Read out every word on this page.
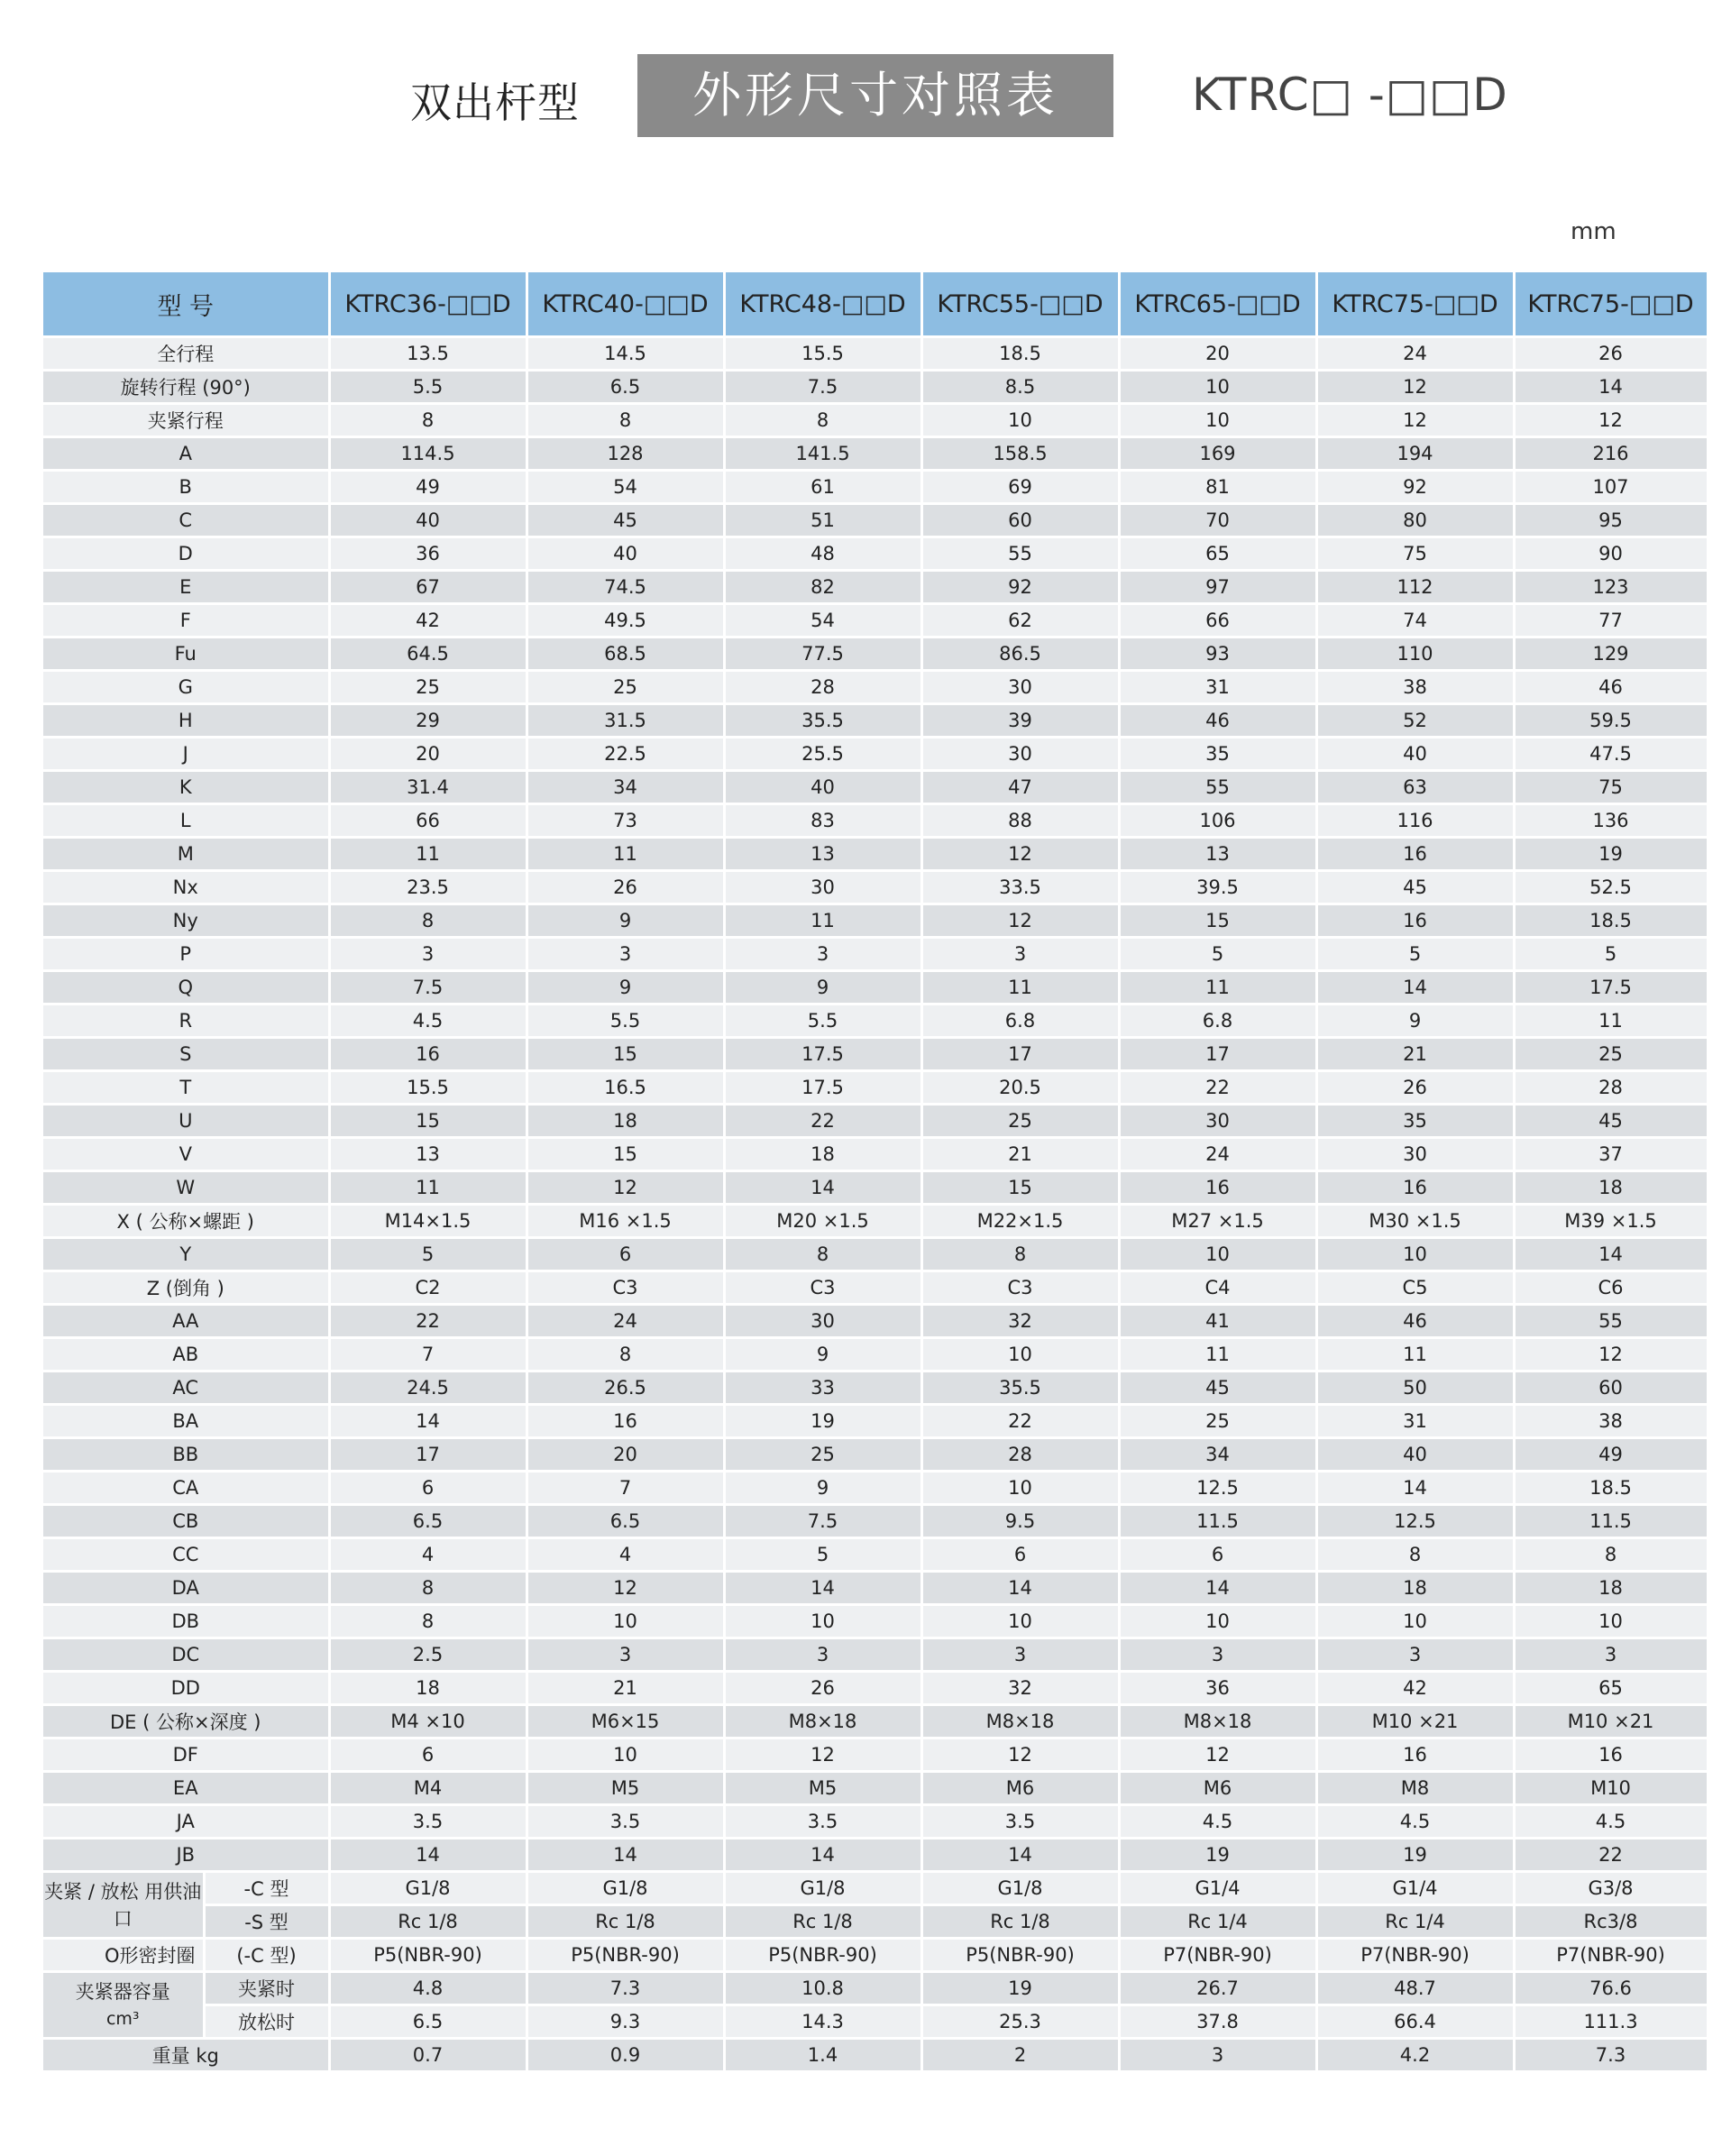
双出杆型	外形尺寸对照表	KTRC□ -□□D
mm
型 号		KTRC36-□□D	KTRC40-□□D	KTRC48-□□D	KTRC55-□□D	KTRC65-□□D	KTRC75-□□D	KTRC75-□□D
全行程		13.5	14.5	15.5	18.5	20	24	26
旋转行程 (90°)		5.5	6.5	7.5	8.5	10	12	14
夹紧行程		8	8	8	10	10	12	12
A		114.5	128	141.5	158.5	169	194	216
B		49	54	61	69	81	92	107
C		40	45	51	60	70	80	95
D		36	40	48	55	65	75	90
E		67	74.5	82	92	97	112	123
F		42	49.5	54	62	66	74	77
Fu		64.5	68.5	77.5	86.5	93	110	129
G		25	25	28	30	31	38	46
H		29	31.5	35.5	39	46	52	59.5
J		20	22.5	25.5	30	35	40	47.5
K		31.4	34	40	47	55	63	75
L		66	73	83	88	106	116	136
M		11	11	13	12	13	16	19
Nx		23.5	26	30	33.5	39.5	45	52.5
Ny		8	9	11	12	15	16	18.5
P		3	3	3	3	5	5	5
Q		7.5	9	9	11	11	14	17.5
R		4.5	5.5	5.5	6.8	6.8	9	11
S		16	15	17.5	17	17	21	25
T		15.5	16.5	17.5	20.5	22	26	28
U		15	18	22	25	30	35	45
V		13	15	18	21	24	30	37
W		11	12	14	15	16	16	18
X ( 公称×螺距 )		M14×1.5	M16 ×1.5	M20 ×1.5	M22×1.5	M27 ×1.5	M30 ×1.5	M39 ×1.5
Y		5	6	8	8	10	10	14
Z (倒角 )		C2	C3	C3	C3	C4	C5	C6
AA		22	24	30	32	41	46	55
AB		7	8	9	10	11	11	12
AC		24.5	26.5	33	35.5	45	50	60
BA		14	16	19	22	25	31	38
BB		17	20	25	28	34	40	49
CA		6	7	9	10	12.5	14	18.5
CB		6.5	6.5	7.5	9.5	11.5	12.5	11.5
CC		4	4	5	6	6	8	8
DA		8	12	14	14	14	18	18
DB		8	10	10	10	10	10	10
DC		2.5	3	3	3	3	3	3
DD		18	21	26	32	36	42	65
DE ( 公称×深度 )		M4 ×10	M6×15	M8×18	M8×18	M8×18	M10 ×21	M10 ×21
DF		6	10	12	12	12	16	16
EA		M4	M5	M5	M6	M6	M8	M10
JA		3.5	3.5	3.5	3.5	4.5	4.5	4.5
JB		14	14	14	14	19	19	22

夹紧 / 放松 用供油口	-C 型	G1/8	G1/8	G1/8	G1/8	G1/4	G1/4	G3/8
	-S 型	Rc 1/8	Rc 1/8	Rc 1/8	Rc 1/8	Rc 1/4	Rc 1/4	Rc3/8
O形密封圈	(-C 型)	P5(NBR-90)	P5(NBR-90)	P5(NBR-90)	P5(NBR-90)	P7(NBR-90)	P7(NBR-90)	P7(NBR-90)

夹紧器容量
cm³	夹紧时	4.8	7.3	10.8	19	26.7	48.7	76.6
	放松时	6.5	9.3	14.3	25.3	37.8	66.4	111.3
重量 kg		0.7	0.9	1.4	2	3	4.2	7.3
